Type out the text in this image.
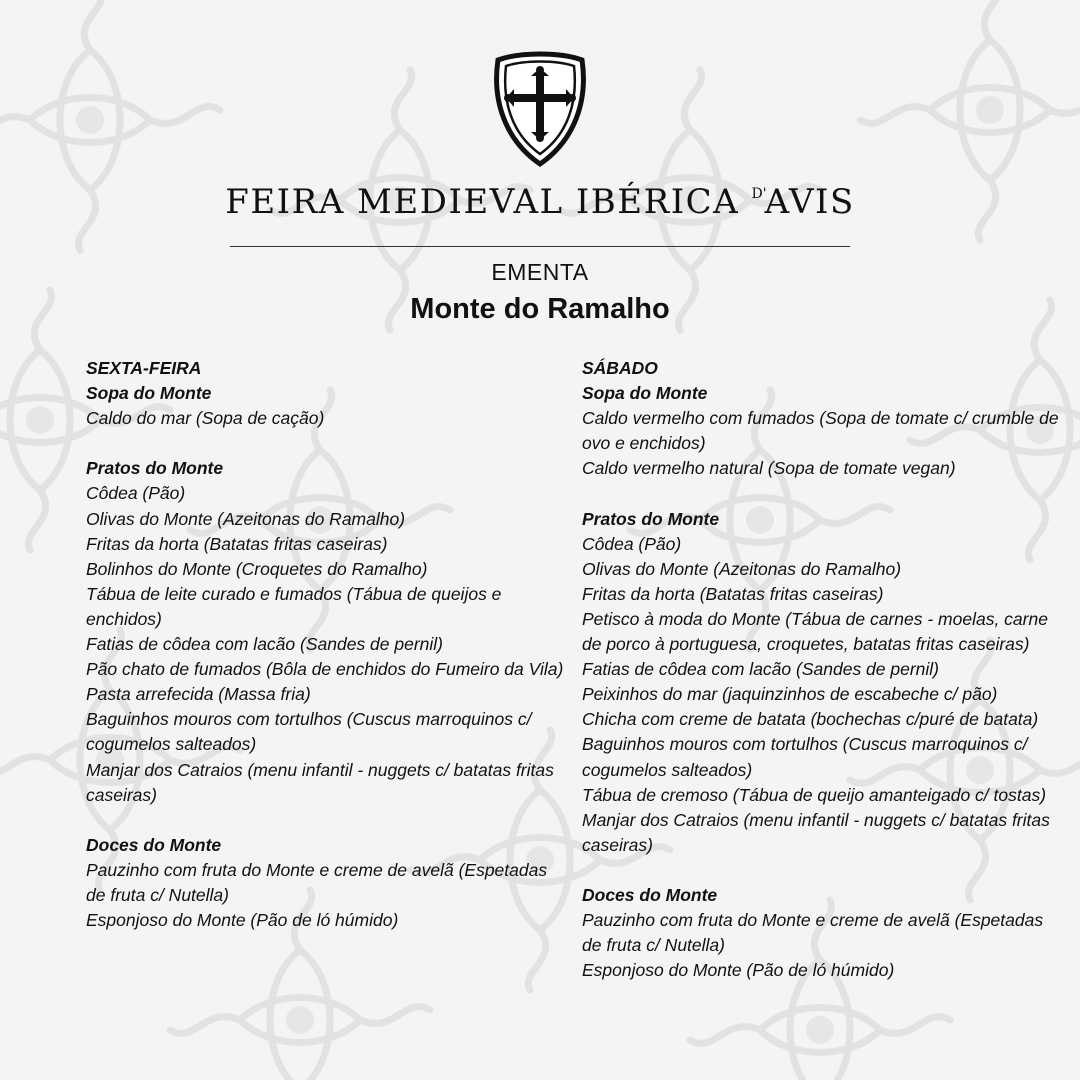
FEIRA MEDIEVAL IBÉRICA $^{D'}$AVIS
EMENTA
Monte do Ramalho
SEXTA-FEIRA
Sopa do Monte

Caldo do mar (Sopa de cação)

Pratos do Monte

Côdea (Pão)

Olivas do Monte (Azeitonas do Ramalho)

Fritas da horta (Batatas fritas caseiras)

Bolinhos do Monte (Croquetes do Ramalho)

Tábua de leite curado e fumados (Tábua de queijos e enchidos)

Fatias de côdea com lacão (Sandes de pernil)

Pão chato de fumados (Bôla de enchidos do Fumeiro da Vila)

Pasta arrefecida (Massa fria)

Baguinhos mouros com tortulhos (Cuscus marroquinos c/ cogumelos salteados)

Manjar dos Catraios (menu infantil - nuggets c/ batatas fritas caseiras)

Doces do Monte

Pauzinho com fruta do Monte e creme de avelã (Espetadas de fruta c/ Nutella)

Esponjoso do Monte (Pão de ló húmido)

SÁBADO
Sopa do Monte

Caldo vermelho com fumados (Sopa de tomate c/ crumble de ovo e enchidos)

Caldo vermelho natural (Sopa de tomate vegan)

Pratos do Monte

Côdea (Pão)

Olivas do Monte (Azeitonas do Ramalho)

Fritas da horta (Batatas fritas caseiras)

Petisco à moda do Monte (Tábua de carnes - moelas, carne de porco à portuguesa, croquetes, batatas fritas caseiras)

Fatias de côdea com lacão (Sandes de pernil)

Peixinhos do mar (jaquinzinhos de escabeche c/ pão)

Chicha com creme de batata (bochechas c/puré de batata)

Baguinhos mouros com tortulhos (Cuscus marroquinos c/ cogumelos salteados)

Tábua de cremoso (Tábua de queijo amanteigado c/ tostas)

Manjar dos Catraios (menu infantil - nuggets c/ batatas fritas caseiras)

Doces do Monte

Pauzinho com fruta do Monte e creme de avelã (Espetadas de fruta c/ Nutella)

Esponjoso do Monte (Pão de ló húmido)
